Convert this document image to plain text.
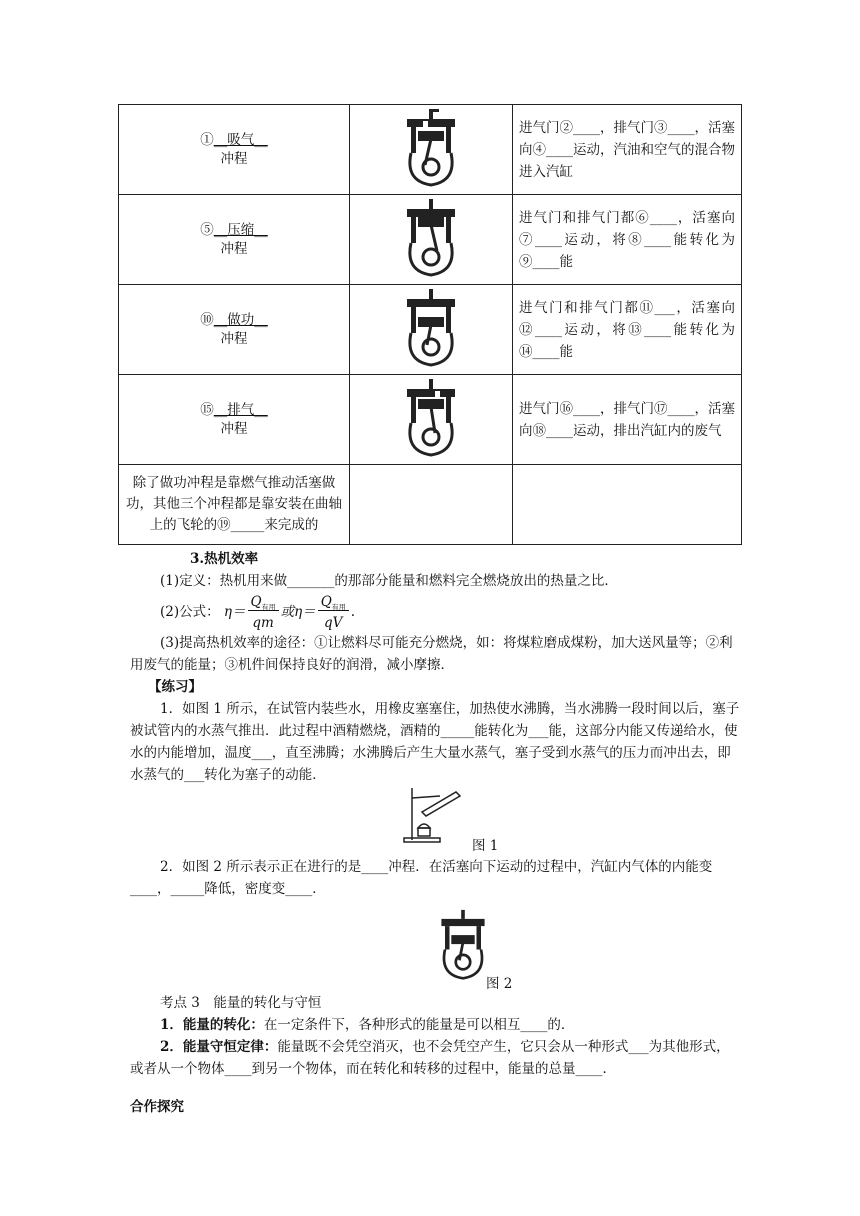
①__吸气__
冲程		进气门②____，排气门③____，活塞向④____运动，汽油和空气的混合物进入汽缸
⑤__压缩__
冲程		进气门和排气门都⑥____，活塞向⑦____运动，将⑧____能转化为⑨____能
⑩__做功__
冲程		进气门和排气门都⑪___，活塞向⑫____运动，将⑬____能转化为⑭____能
⑮__排气__
冲程		进气门⑯____，排气门⑰____，活塞向⑱____运动，排出汽缸内的废气
除了做功冲程是靠燃气推动活塞做功，其他三个冲程都是靠安装在曲轴上的飞轮的⑲_____来完成的		
3.热机效率
(1)定义：热机用来做_______的那部分能量和燃料完全燃烧放出的热量之比．
(2)公式： $\eta= \frac{Q_{有用}}{qm}$ 或$\eta= \frac{Q_{有用}}{qV}$ .
(3)提高热机效率的途径：①让燃料尽可能充分燃烧，如：将煤粒磨成煤粉，加大送风量等；②利用废气的能量；③机件间保持良好的润滑，减小摩擦．
【练习】
1．如图 1 所示，在试管内装些水，用橡皮塞塞住，加热使水沸腾，当水沸腾一段时间以后，塞子被试管内的水蒸气推出．此过程中酒精燃烧，酒精的_____能转化为___能，这部分内能又传递给水，使水的内能增加，温度___，直至沸腾；水沸腾后产生大量水蒸气，塞子受到水蒸气的压力而冲出去，即水蒸气的___转化为塞子的动能．
图 1
2．如图 2 所示表示正在进行的是____冲程．在活塞向下运动的过程中，汽缸内气体的内能变____，_____降低，密度变____．
图 2
考点 3　能量的转化与守恒
1．能量的转化：在一定条件下，各种形式的能量是可以相互____的．
2．能量守恒定律：能量既不会凭空消灭，也不会凭空产生，它只会从一种形式___为其他形式，或者从一个物体____到另一个物体，而在转化和转移的过程中，能量的总量____．
合作探究
